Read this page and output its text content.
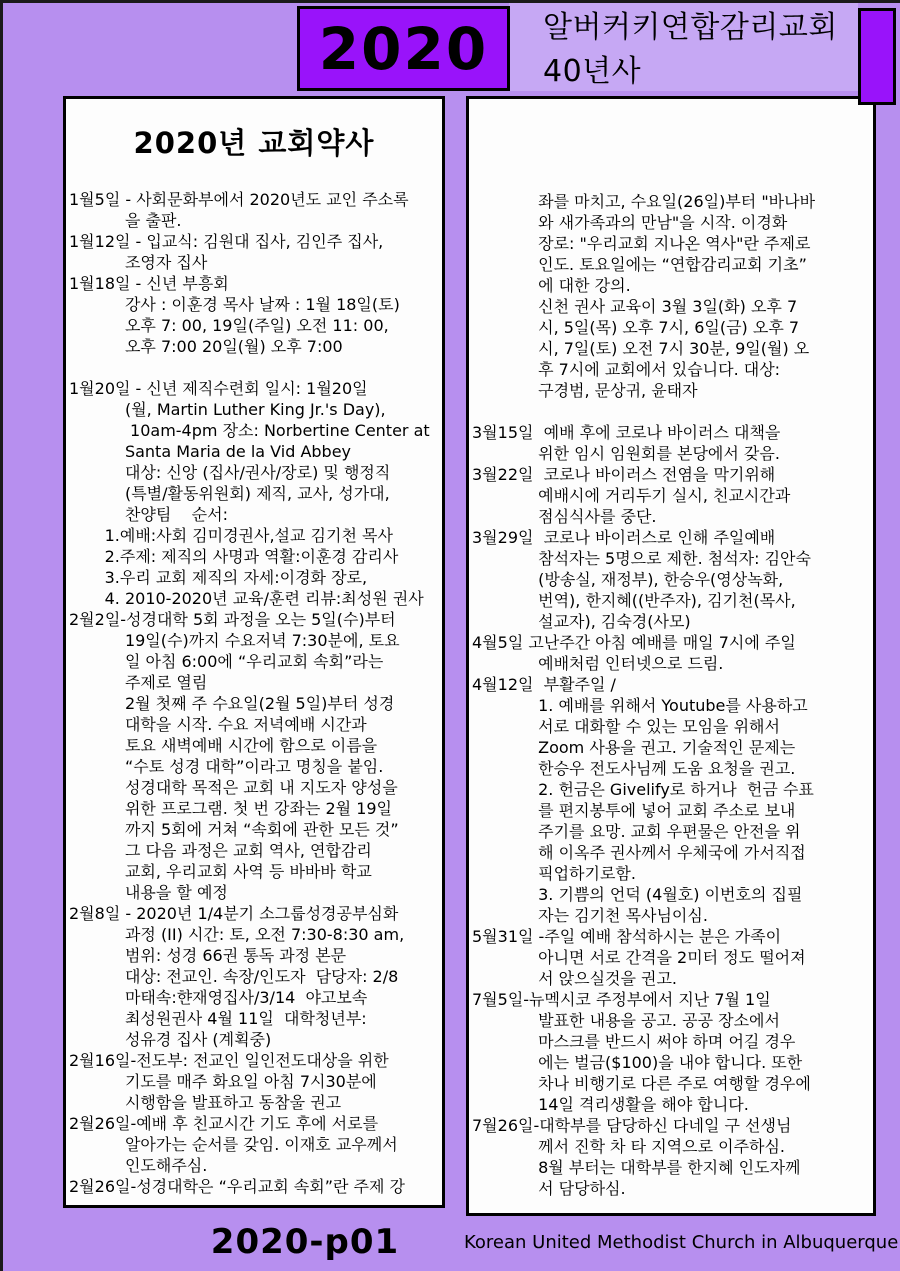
알버커키연합감리교회 40년사
2020
2020년 교회약사
1월5일 - 사회문화부에서 2020년도 교인 주소록
을 출판.
1월12일 - 입교식: 김원대 집사, 김인주 집사,
조영자 집사
1월18일 - 신년 부흥회
강사 : 이훈경 목사 날짜 : 1월 18일(토)
오후 7: 00, 19일(주일) 오전 11: 00,
오후 7:00 20일(월) 오후 7:00

1월20일 - 신년 제직수련회 일시: 1월20일
(월, Martin Luther King Jr.'s Day),
10am-4pm 장소: Norbertine Center at
Santa Maria de la Vid Abbey
대상: 신앙 (집사/권사/장로) 및 행정직
(특별/활동위원회) 제직, 교사, 성가대,
찬양팀    순서:
1.예배:사회 김미경권사,설교 김기천 목사
2.주제: 제직의 사명과 역활:이훈경 감리사
3.우리 교회 제직의 자세:이경화 장로,
4. 2010-2020년 교육/훈련 리뷰:최성원 권사
2월2일-성경대학 5회 과정을 오는 5일(수)부터
19일(수)까지 수요저녁 7:30분에, 토요
일 아침 6:00에 “우리교회 속회”라는
주제로 열림
2월 첫째 주 수요일(2월 5일)부터 성경
대학을 시작. 수요 저녁예배 시간과
토요 새벽예배 시간에 함으로 이름을
“수토 성경 대학”이라고 명칭을 붙임.
성경대학 목적은 교회 내 지도자 양성을
위한 프로그램. 첫 번 강좌는 2월 19일
까지 5회에 거쳐 “속회에 관한 모든 것”
그 다음 과정은 교회 역사, 연합감리
교회, 우리교회 사역 등 바바바 학교
내용을 할 예정
2월8일 - 2020년 1/4분기 소그룹성경공부심화
과정 (II) 시간: 토, 오전 7:30-8:30 am,
범위: 성경 66권 통독 과정 본문
대상: 전교인. 속장/인도자  담당자: 2/8
마태속:햔재영집사/3/14  야고보속
최성원권사 4월 11일  대학청년부:
성유경 집사 (계획중)
2월16일-전도부: 전교인 일인전도대상을 위한
기도를 매주 화요일 아침 7시30분에
시행함을 발표하고 동참울 권고
2월26일-예배 후 친교시간 기도 후에 서로를
알아가는 순서를 갖임. 이재호 교우께서
인도해주심.
2월26일-성경대학은 “우리교회 속회”란 주제 강
좌를 마치고, 수요일(26일)부터 "바나바
와 새가족과의 만남"을 시작. 이경화
장로: "우리교회 지나온 역사"란 주제로
인도. 토요일에는 “연합감리교회 기초”
에 대한 강의.
신천 권사 교육이 3월 3일(화) 오후 7
시, 5일(목) 오후 7시, 6일(금) 오후 7
시, 7일(토) 오전 7시 30분, 9일(월) 오
후 7시에 교회에서 있습니다. 대상:
구경범, 문상귀, 윤태자

3월15일  예배 후에 코로나 바이러스 대책을
위한 임시 임원회를 본당에서 갖음.
3월22일  코로나 바이러스 전염을 막기위해
예배시에 거리두기 실시, 친교시간과
점심식사를 중단.
3월29일  코로나 바이러스로 인해 주일예배
참석자는 5명으로 제한. 첨석자: 김안숙
(방송실, 재정부), 한승우(영상녹화,
번역), 한지혜((반주자), 김기천(목사,
설교자), 김숙경(사모)
4월5일 고난주간 아침 예배를 매일 7시에 주일
예배처럼 인터넷으로 드림.
4월12일  부활주일 /
1. 예배를 위해서 Youtube를 사용하고
서로 대화할 수 있는 모임을 위해서
Zoom 사용을 권고. 기술적인 문제는
한승우 전도사님께 도움 요청을 권고.
2. 헌금은 Givelify로 하거나  헌금 수표
를 편지봉투에 넣어 교회 주소로 보내
주기를 요망. 교회 우편물은 안전을 위
해 이옥주 권사께서 우체국에 가서직접
픽업하기로함.
3. 기쁨의 언덕 (4월호) 이번호의 집필
자는 김기천 목사님이심.
5월31일 -주일 예배 참석하시는 분은 가족이
아니면 서로 간격을 2미터 정도 떨어져
서 앉으실것을 권고.
7월5일-뉴멕시코 주정부에서 지난 7월 1일
발표한 내용을 공고. 공공 장소에서
마스크를 반드시 써야 하며 어길 경우
에는 벌금($100)을 내야 합니다. 또한
차나 비행기로 다른 주로 여행할 경우에
14일 격리생활을 해야 합니다.
7월26일-대학부를 담당하신 다네일 구 선생님
께서 진학 차 타 지역으로 이주하심.
8월 부터는 대학부를 한지혜 인도자께
서 담당하심.
2020-p01	Korean United Methodist Church in Albuquerque
